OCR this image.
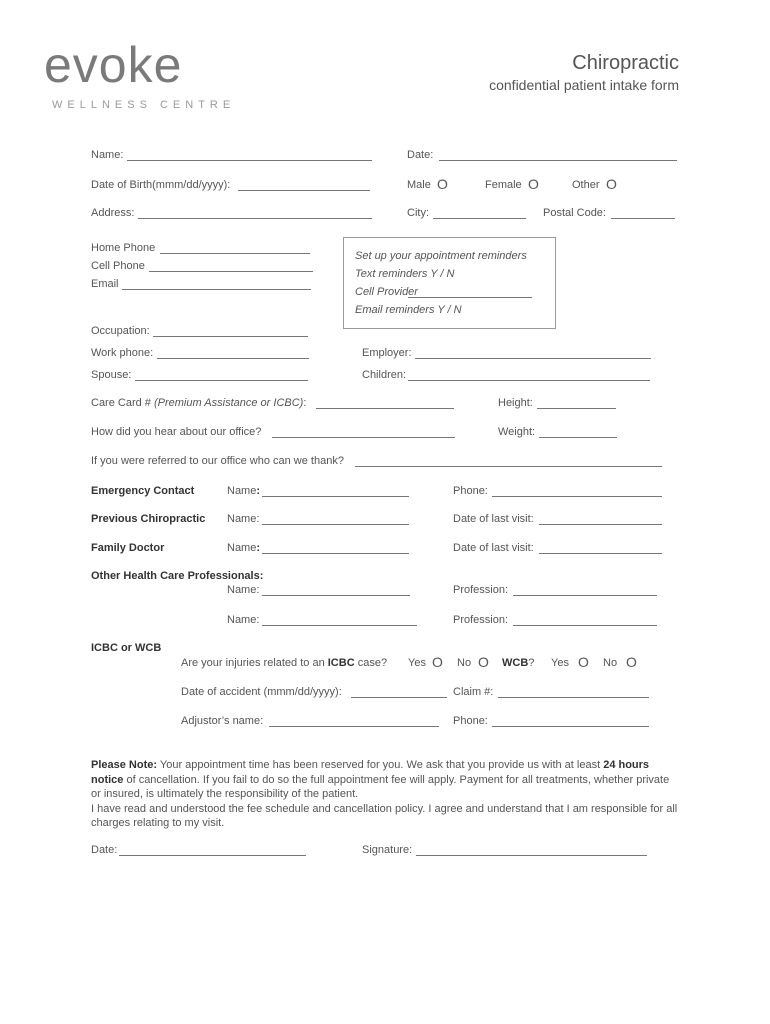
evoke
WELLNESS CENTRE
Chiropractic
confidential patient intake form
Name:	Date:
Date of Birth(mmm/dd/yyyy):	Male O	Female O	Other O
Address:	City:	Postal Code:
Home Phone
Cell Phone
Email
Set up your appointment reminders
Text reminders Y / N
Cell Provider
Email reminders Y / N
Occupation:
Work phone:	Employer:
Spouse:	Children:
Care Card # (Premium Assistance or ICBC):	Height:
How did you hear about our office?	Weight:
If you were referred to our office who can we thank?
Emergency Contact	Name:	Phone:
Previous Chiropractic Name:	Date of last visit:
Family Doctor	Name:	Date of last visit:
Other Health Care Professionals:
Name:	Profession:
Name:	Profession:
ICBC or WCB
Are your injuries related to an ICBC case? Yes O No O WCB? Yes O No O
Date of accident (mmm/dd/yyyy):	Claim #:
Adjustor’s name:	Phone:
Please Note: Your appointment time has been reserved for you. We ask that you provide us with at least 24 hours notice of cancellation. If you fail to do so the full appointment fee will apply. Payment for all treatments, whether private or insured, is ultimately the responsibility of the patient.
I have read and understood the fee schedule and cancellation policy. I agree and understand that I am responsible for all charges relating to my visit.
Date:	Signature:
